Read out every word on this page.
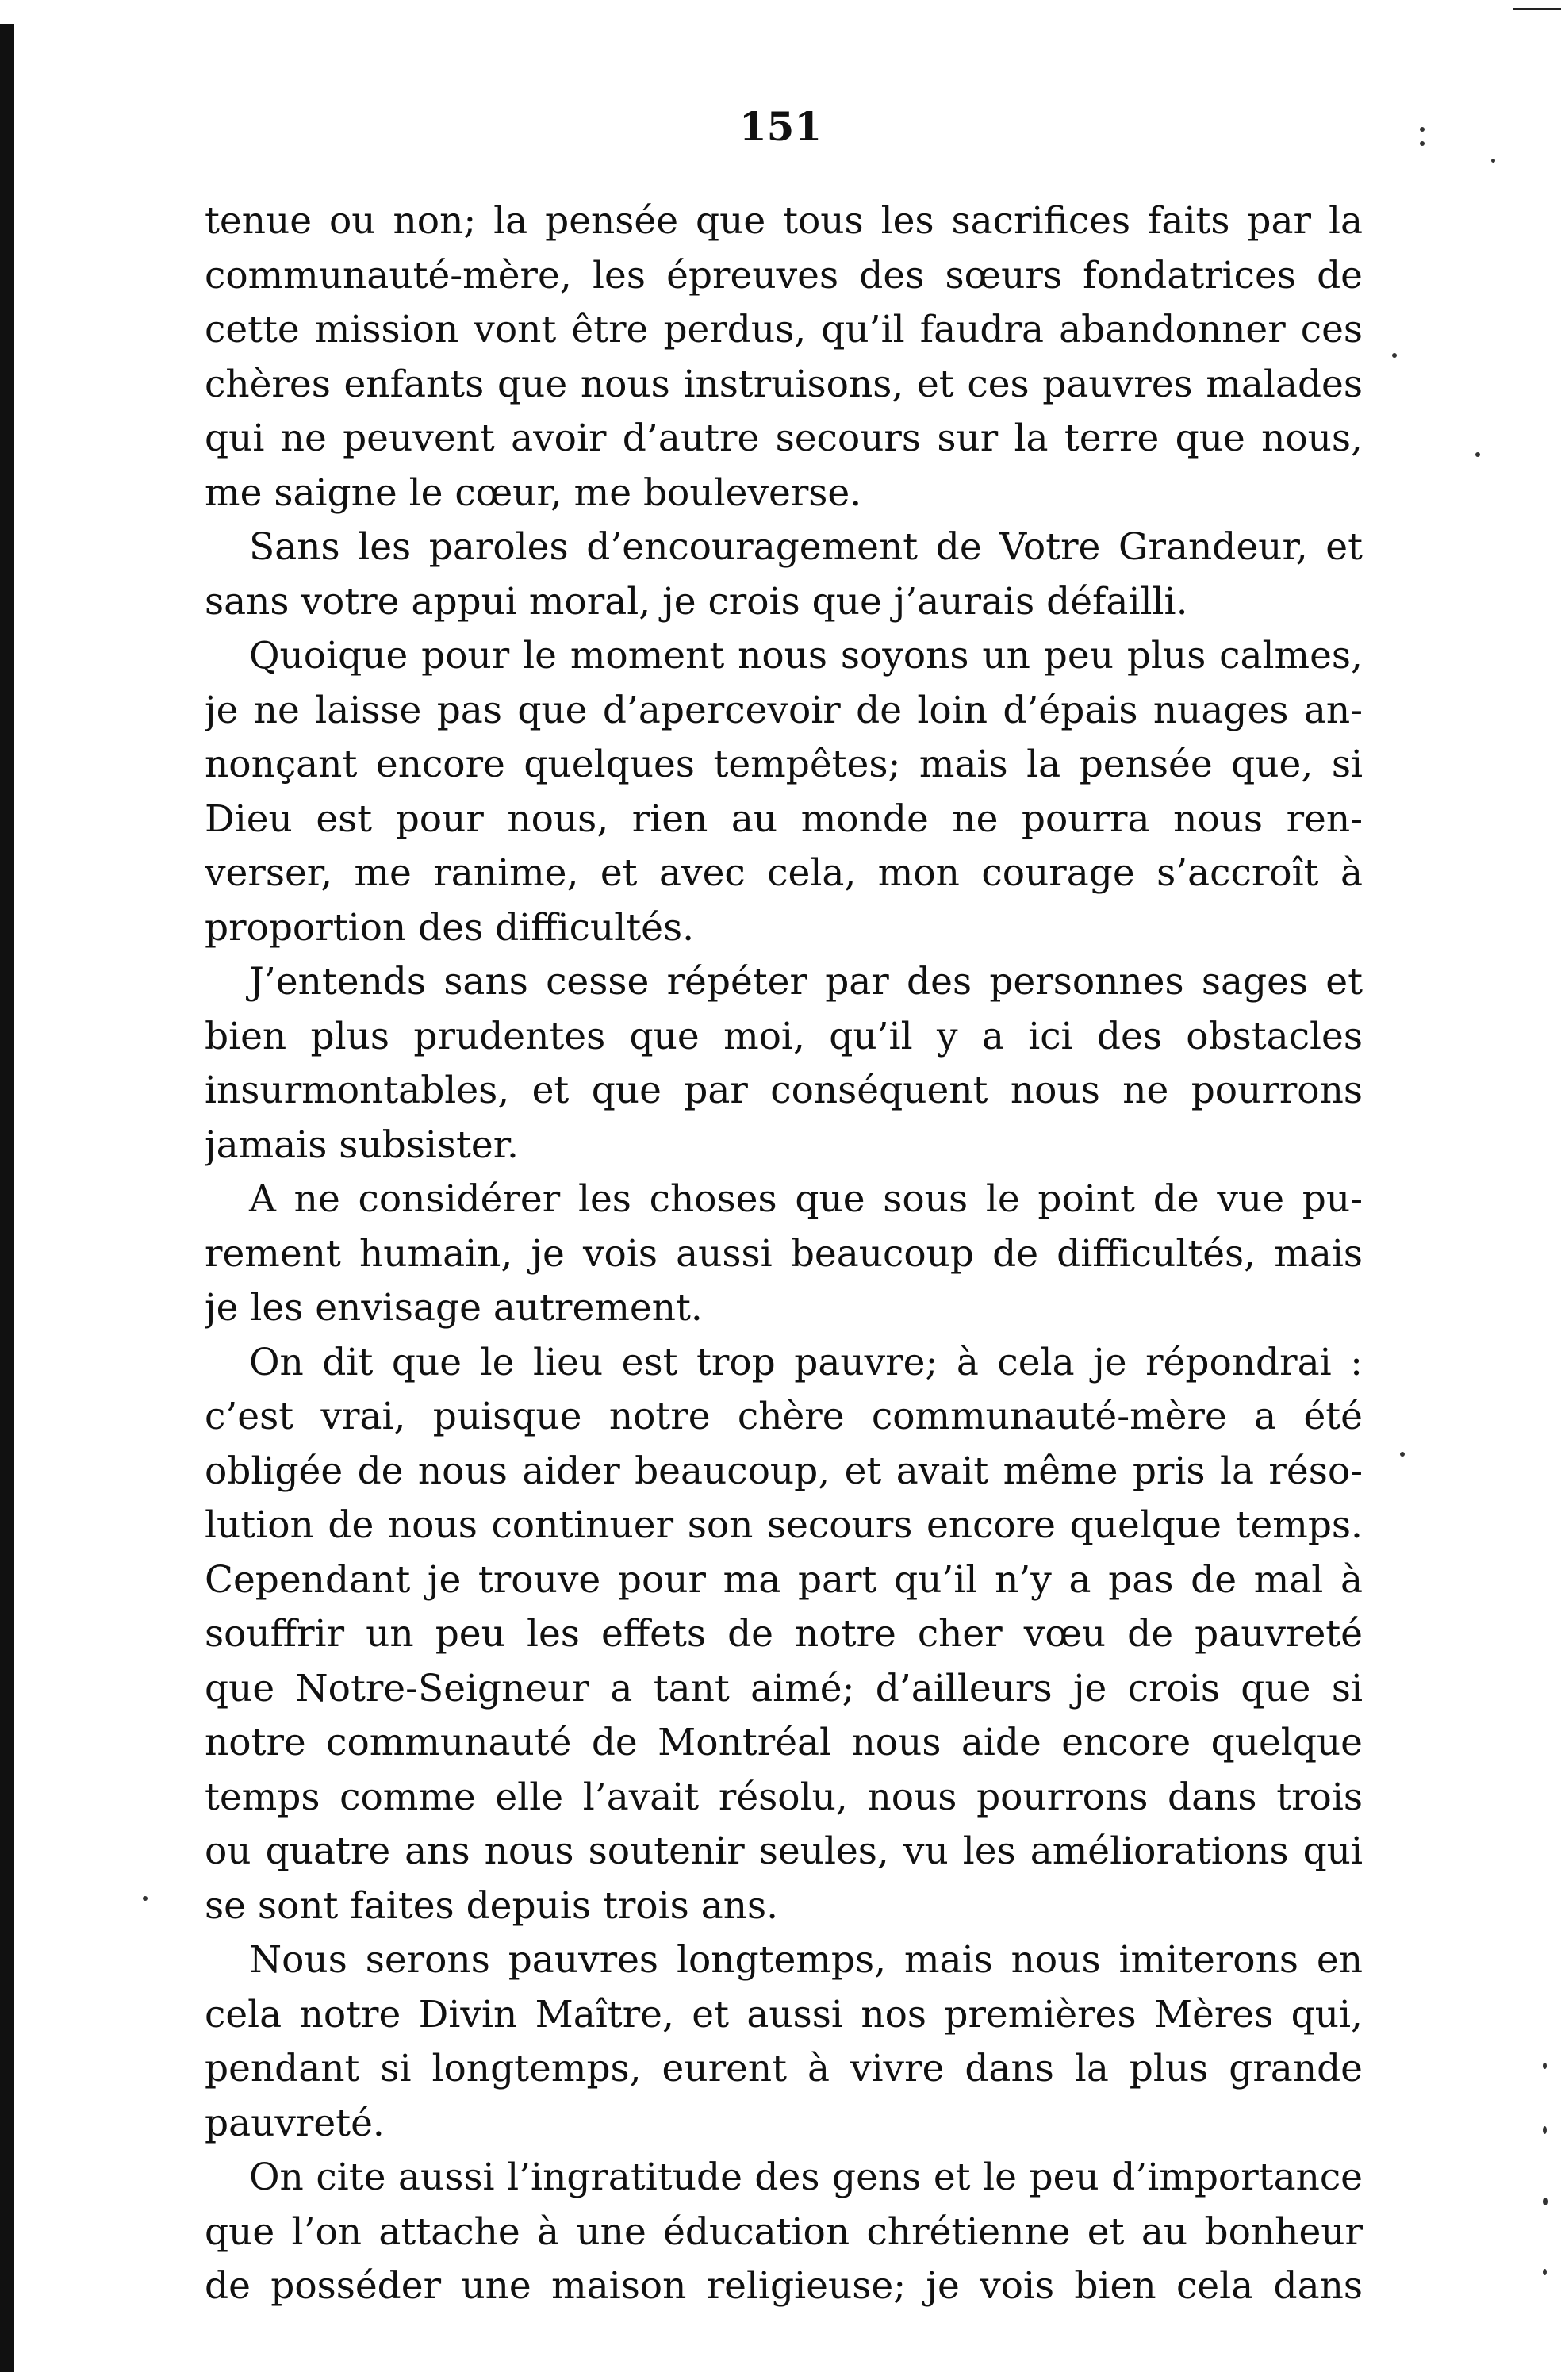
151
tenue ou non; la pensée que tous les sacrifices faits par la
communauté-mère, les épreuves des sœurs fondatrices de
cette mission vont être perdus, qu’il faudra abandonner ces
chères enfants que nous instruisons, et ces pauvres malades
qui ne peuvent avoir d’autre secours sur la terre que nous,
me saigne le cœur, me bouleverse.
Sans les paroles d’encouragement de Votre Grandeur, et
sans votre appui moral, je crois que j’aurais défailli.
Quoique pour le moment nous soyons un peu plus calmes,
je ne laisse pas que d’apercevoir de loin d’épais nuages an-
nonçant encore quelques tempêtes; mais la pensée que, si
Dieu est pour nous, rien au monde ne pourra nous ren-
verser, me ranime, et avec cela, mon courage s’accroît à
proportion des difficultés.
J’entends sans cesse répéter par des personnes sages et
bien plus prudentes que moi, qu’il y a ici des obstacles
insurmontables, et que par conséquent nous ne pourrons
jamais subsister.
A ne considérer les choses que sous le point de vue pu-
rement humain, je vois aussi beaucoup de difficultés, mais
je les envisage autrement.
On dit que le lieu est trop pauvre; à cela je répondrai :
c’est vrai, puisque notre chère communauté-mère a été
obligée de nous aider beaucoup, et avait même pris la réso-
lution de nous continuer son secours encore quelque temps.
Cependant je trouve pour ma part qu’il n’y a pas de mal à
souffrir un peu les effets de notre cher vœu de pauvreté
que Notre-Seigneur a tant aimé; d’ailleurs je crois que si
notre communauté de Montréal nous aide encore quelque
temps comme elle l’avait résolu, nous pourrons dans trois
ou quatre ans nous soutenir seules, vu les améliorations qui
se sont faites depuis trois ans.
Nous serons pauvres longtemps, mais nous imiterons en
cela notre Divin Maître, et aussi nos premières Mères qui,
pendant si longtemps, eurent à vivre dans la plus grande
pauvreté.
On cite aussi l’ingratitude des gens et le peu d’importance
que l’on attache à une éducation chrétienne et au bonheur
de posséder une maison religieuse; je vois bien cela dans
